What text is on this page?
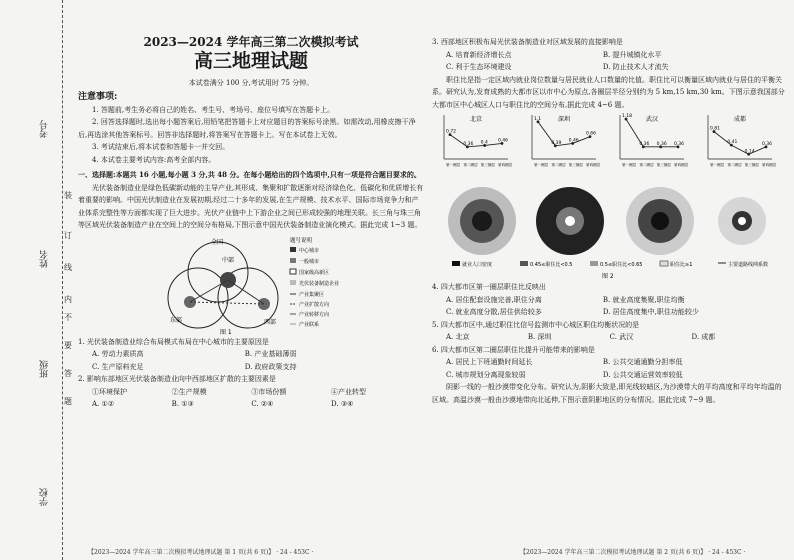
考号
姓名
班级
学校
装
订
线
内
不
要
答
题
2023—2024 学年高三第二次模拟考试
高三地理试题
本试卷满分 100 分,考试用时 75 分钟。
注意事项:

1. 答题前,考生务必将自己的姓名、考生号、考场号、座位号填写在答题卡上。

2. 回答选择题时,选出每小题答案后,用铅笔把答题卡上对应题目的答案标号涂黑。如需改动,用橡皮擦干净后,再选涂其他答案标号。回答非选择题时,将答案写在答题卡上。写在本试卷上无效。

3. 考试结束后,将本试卷和答题卡一并交回。

4. 本试卷主要考试内容:高考全部内容。

一、选择题:本题共 16 小题,每小题 3 分,共 48 分。在每小题给出的四个选项中,只有一项是符合题目要求的。

光伏装备制造业是绿色低碳新动能的主导产业,其形成、集聚和扩散逐渐对经济绿色化、低碳化和优质增长有着重要的影响。中国光伏制造业在发展初期,经过二十多年的发展,在生产规模、技术水平、国际市场竞争力和产业体系完整性等方面都实现了巨大进步。光伏产业链中上下游企业之间已形成较强的地理关联。长三角与珠三角等区域光伏装备制造产业在空间上的空间分布格局,下图示意中国光伏装备制造业演化模式。据此完成 1~3 题。

全国
中部
东部	西部
题号说明
中心城市
一般城市
国家级高新区
光伏装备制造企业
产业集聚区
产业扩散方向
产业转移方向
产业联系
图 1

1. 光伏装备制造业综合布局模式布局在中心城市的主要原因是

A. 劳动力素质高	B. 产业基础薄弱
C. 生产原料充足	D. 政府政策支持

2. 影响东部地区光伏装备制造业向中西部地区扩散的主要因素是

①环境保护	②生产规模	③市场份额	④产业转型
A. ①②	B. ①③	C. ②④	D. ③④
【2023—2024 学年高三第二次模拟考试地理试题 第 1 页(共 6 页)】 · 24 - 453C ·

3. 西部地区积极布局光伏装备制造业对区域发展的直接影响是

A. 培育新经济增长点	B. 提升城镇化水平
C. 利于生态环境建设	D. 防止技术人才流失

职住比是指一定区域内就业岗位数量与居民就业人口数量的比值。职住比可以衡量区域内就业与居住的平衡关系。研究认为,发育成熟的大都市区以市中心为原点,各圈层半径分别约为 5 km,15 km,30 km。下图示意我国部分大都市区中心城区人口与职住比的空间分布,据此完成 4~6 题。

北京
0.72
0.36 0.4 0.46
第一圈层 第二圈层 第三圈层 第四圈层
深圳
1.1
0.39 0.46
0.66
第一圈层 第二圈层 第三圈层 第四圈层
武汉
1.18
0.36 0.36 0.36
第一圈层 第二圈层 第三圈层 第四圈层
成都
0.81
0.41
0.14
0.36
第一圈层 第二圈层 第三圈层 第四圈层
就业人口密度	0.45≤职住比<0.5	0.5≤职住比<0.65	职住比≥1	主要道路线网系数
图 2

4. 四大都市区第一圈层职住比反映出

A. 居住配套设施完善,职住分离	B. 就业高度集聚,职住均衡
C. 就业高度分散,居住供给较多	D. 居住高度集中,职住功能较少

5. 四大都市区中,通过职住比信号监测市中心城区职住均衡状况的是

A. 北京	B. 深圳	C. 武汉	D. 成都

6. 四大都市区第二圈层职住比提升可能带来的影响是

A. 居民上下班通勤时间延长	B. 公共交通通勤分担率低
C. 城市规划分离现象较弱	D. 公共交通运营效率较低

阴影一线的一般沙漠带变化分布。研究认为,阴影大致是,即光线较暗区,为沙漠带大的平均高度和平均年均温的区域。高温沙漠一般由沙漠地带向北延伸,下图示意阴影地区的分布情况。据此完成 7~9 题。

【2023—2024 学年高三第二次模拟考试地理试题 第 2 页(共 6 页)】 · 24 - 453C ·
